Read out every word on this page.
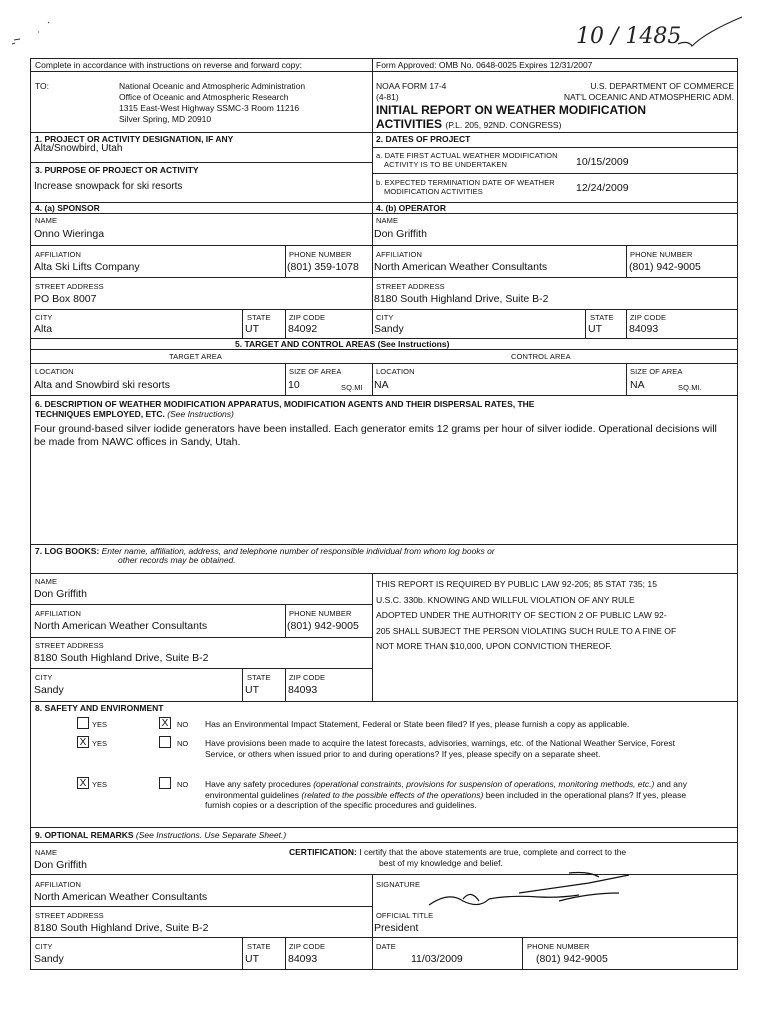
10 / 1485
Complete in accordance with instructions on reverse and forward copy:
TO:	National Oceanic and Atmospheric Administration
Office of Oceanic and Atmospheric Research
1315 East-West Highway SSMC-3 Room 11216
Silver Spring, MD 20910
Form Approved: OMB No. 0648-0025 Expires 12/31/2007
NOAA FORM 17-4
(4-81)
U.S. DEPARTMENT OF COMMERCE
NAT'L OCEANIC AND ATMOSPHERIC ADM.
INITIAL REPORT ON WEATHER MODIFICATION
ACTIVITIES (P.L. 205, 92ND. CONGRESS)
1. PROJECT OR ACTIVITY DESIGNATION, IF ANY
Alta/Snowbird, Utah
2. DATES OF PROJECT
a. DATE FIRST ACTUAL WEATHER MODIFICATION
ACTIVITY IS TO BE UNDERTAKEN	10/15/2009
3. PURPOSE OF PROJECT OR ACTIVITY
b. EXPECTED TERMINATION DATE OF WEATHER
MODIFICATION ACTIVITIES	12/24/2009
Increase snowpack for ski resorts
4. (a) SPONSOR	4. (b) OPERATOR
NAME
Onno Wieringa
NAME
Don Griffith
AFFILIATION
Alta Ski Lifts Company
PHONE NUMBER
(801) 359-1078
AFFILIATION
North American Weather Consultants
PHONE NUMBER
(801) 942-9005
STREET ADDRESS
PO Box 8007
STREET ADDRESS
8180 South Highland Drive, Suite B-2
CITY
Alta
STATE
UT
ZIP CODE
84092
CITY
Sandy
STATE
UT
ZIP CODE
84093
5. TARGET AND CONTROL AREAS (See Instructions)
TARGET AREA	CONTROL AREA
LOCATION
Alta and Snowbird ski resorts
SIZE OF AREA
10	SQ.MI
LOCATION
NA
SIZE OF AREA
NA	SQ.MI.
6. DESCRIPTION OF WEATHER MODIFICATION APPARATUS, MODIFICATION AGENTS AND THEIR DISPERSAL RATES, THE
TECHNIQUES EMPLOYED, ETC. (See Instructions)
Four ground-based silver iodide generators have been installed. Each generator emits 12 grams per hour of silver iodide. Operational decisions will be made from NAWC offices in Sandy, Utah.
7. LOG BOOKS: Enter name, affiliation, address, and telephone number of responsible individual from whom log books or
other records may be obtained.
NAME
Don Griffith
AFFILIATION
North American Weather Consultants
PHONE NUMBER
(801) 942-9005
STREET ADDRESS
8180 South Highland Drive, Suite B-2
CITY
Sandy
STATE
UT
ZIP CODE
84093
THIS REPORT IS REQUIRED BY PUBLIC LAW 92-205; 85 STAT 735; 15
U.S.C. 330b. KNOWING AND WILLFUL VIOLATION OF ANY RULE
ADOPTED UNDER THE AUTHORITY OF SECTION 2 OF PUBLIC LAW 92-
205 SHALL SUBJECT THE PERSON VIOLATING SUCH RULE TO A FINE OF
NOT MORE THAN $10,000, UPON CONVICTION THEREOF.
8. SAFETY AND ENVIRONMENT
YES	X	NO Has an Environmental Impact Statement, Federal or State been filed? If yes, please furnish a copy as applicable.
X YES	NO Have provisions been made to acquire the latest forecasts, advisories, warnings, etc. of the National Weather Service, Forest Service, or others when issued prior to and during operations? If yes, please specify on a separate sheet.
X YES	NO Have any safety procedures (operational constraints, provisions for suspension of operations, monitoring methods, etc.) and any environmental guidelines (related to the possible effects of the operations) been included in the operational plans? If yes, please furnish copies or a description of the specific procedures and guidelines.
9. OPTIONAL REMARKS (See Instructions. Use Separate Sheet.)
NAME
Don Griffith
CERTIFICATION: I certify that the above statements are true, complete and correct to the
best of my knowledge and belief.
AFFILIATION
North American Weather Consultants
SIGNATURE
STREET ADDRESS
8180 South Highland Drive, Suite B-2
OFFICIAL TITLE
President
CITY
Sandy
STATE
UT
ZIP CODE
84093
DATE
11/03/2009
PHONE NUMBER
(801) 942-9005
